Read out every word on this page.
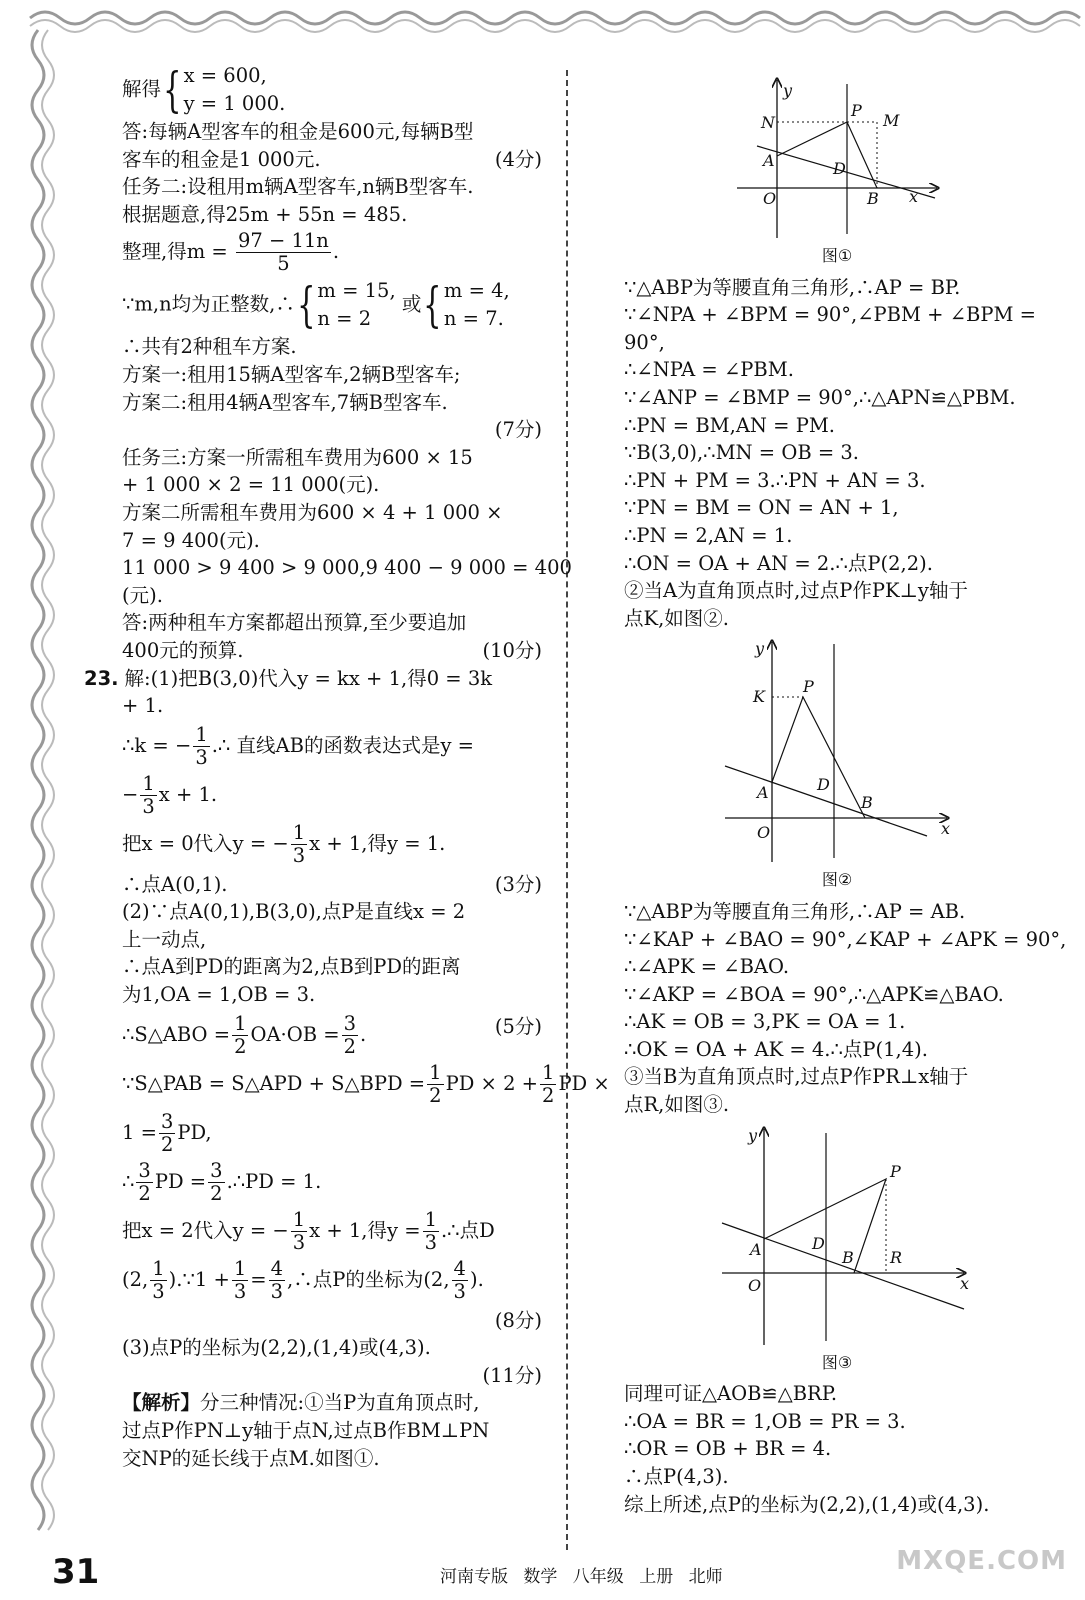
解得{ x = 600,
y = 1 000.
答:每辆A型客车的租金是600元,每辆B型
客车的租金是1 000元.	(4分)
任务二:设租用m辆A型客车,n辆B型客车.
根据题意,得25m + 55n = 485.
整理,得$m = \frac{97 - 11n}{5}$ .
∵m,n均为正整数,∴{ m = 15,
n = 2
或{ m = 4,
n = 7.
∴共有2种租车方案.
方案一:租用15辆A型客车,2辆B型客车;
方案二:租用4辆A型客车,7辆B型客车.
(7分)

任务三:方案一所需租车费用为600 × 15
+ 1 000 × 2 = 11 000(元).
方案二所需租车费用为600 × 4 + 1 000 ×
7 = 9 400(元).
11 000 > 9 400 > 9 000,9 400 − 9 000 = 400
(元).
答:两种租车方案都超出预算,至少要追加
400元的预算.	(10分)
23. 解:(1)把B(3,0)代入y = kx + 1,得0 = 3k
+ 1.
∴k = − $\frac{1}{3}$ .∴ 直线AB的函数表达式是y =
− $\frac{1}{3}$ x + 1.
把x = 0代入y = − $\frac{1}{3}$ x + 1,得y = 1.
∴点A(0,1).	(3分)
(2)∵点A(0,1),B(3,0),点P是直线x = 2
上一动点,
∴点A到PD的距离为2,点B到PD的距离
为1,OA = 1,OB = 3.
∴S△ABO = $\frac{1}{2} OA\cdot OB = \frac{3}{2}$ .	(5分)
∵S△PAB = S△APD + S△BPD = $\frac{1}{2}$ PD × $2 + \frac{1}{2}$ PD ×
$1 = \frac{3}{2}$ PD,
∴ $\frac{3}{2}$ PD = $\frac{3}{2}$ .∴PD = 1.
把x = 2代入y = − $\frac{1}{3}$ x + 1,得$y = \frac{1}{3}$ .∴点D
(2, $\frac{1}{3}$ ).∵1 + $\frac{1}{3} = \frac{4}{3}$ ,∴点P的坐标为(2, $\frac{4}{3}$ ).
(8分)

(3)点P的坐标为(2,2),(1,4)或(4,3).
(11分)

【解析】分三种情况:①当P为直角顶点时,
过点P作PN⊥y轴于点N,过点B作BM⊥PN
交NP的延长线于点M.如图①.
x
y
O
A
B
D
P
N	M
图①
∵△ABP为等腰直角三角形,∴AP = BP.
∵∠NPA + ∠BPM = 90°,∠PBM + ∠BPM =
90°,
∴∠NPA = ∠PBM.
∵∠ANP = ∠BMP = 90°,∴△APN≌△PBM.
∴PN = BM,AN = PM.
∵B(3,0),∴MN = OB = 3.
∴PN + PM = 3.∴PN + AN = 3.
∵PN = BM = ON = AN + 1,
∴PN = 2,AN = 1.
∴ON = OA + AN = 2.∴点P(2,2).
②当A为直角顶点时,过点P作PK⊥y轴于
点K,如图②.
x
y
O
A
B
D
P
K
图②
∵△ABP为等腰直角三角形,∴AP = AB.
∵∠KAP + ∠BAO = 90°,∠KAP + ∠APK = 90°,
∴∠APK = ∠BAO.
∵∠AKP = ∠BOA = 90°,∴△APK≌△BAO.
∴AK = OB = 3,PK = OA = 1.
∴OK = OA + AK = 4.∴点P(1,4).
③当B为直角顶点时,过点P作PR⊥x轴于
点R,如图③.
x
y
O
A	B
D
P
R
图③
同理可证△AOB≌△BRP.
∴OA = BR = 1,OB = PR = 3.
∴OR = OB + BR = 4.
∴点P(4,3).
综上所述,点P的坐标为(2,2),(1,4)或(4,3).
31	河南专版 数学 八年级 上册 北师
MXQE.COM
